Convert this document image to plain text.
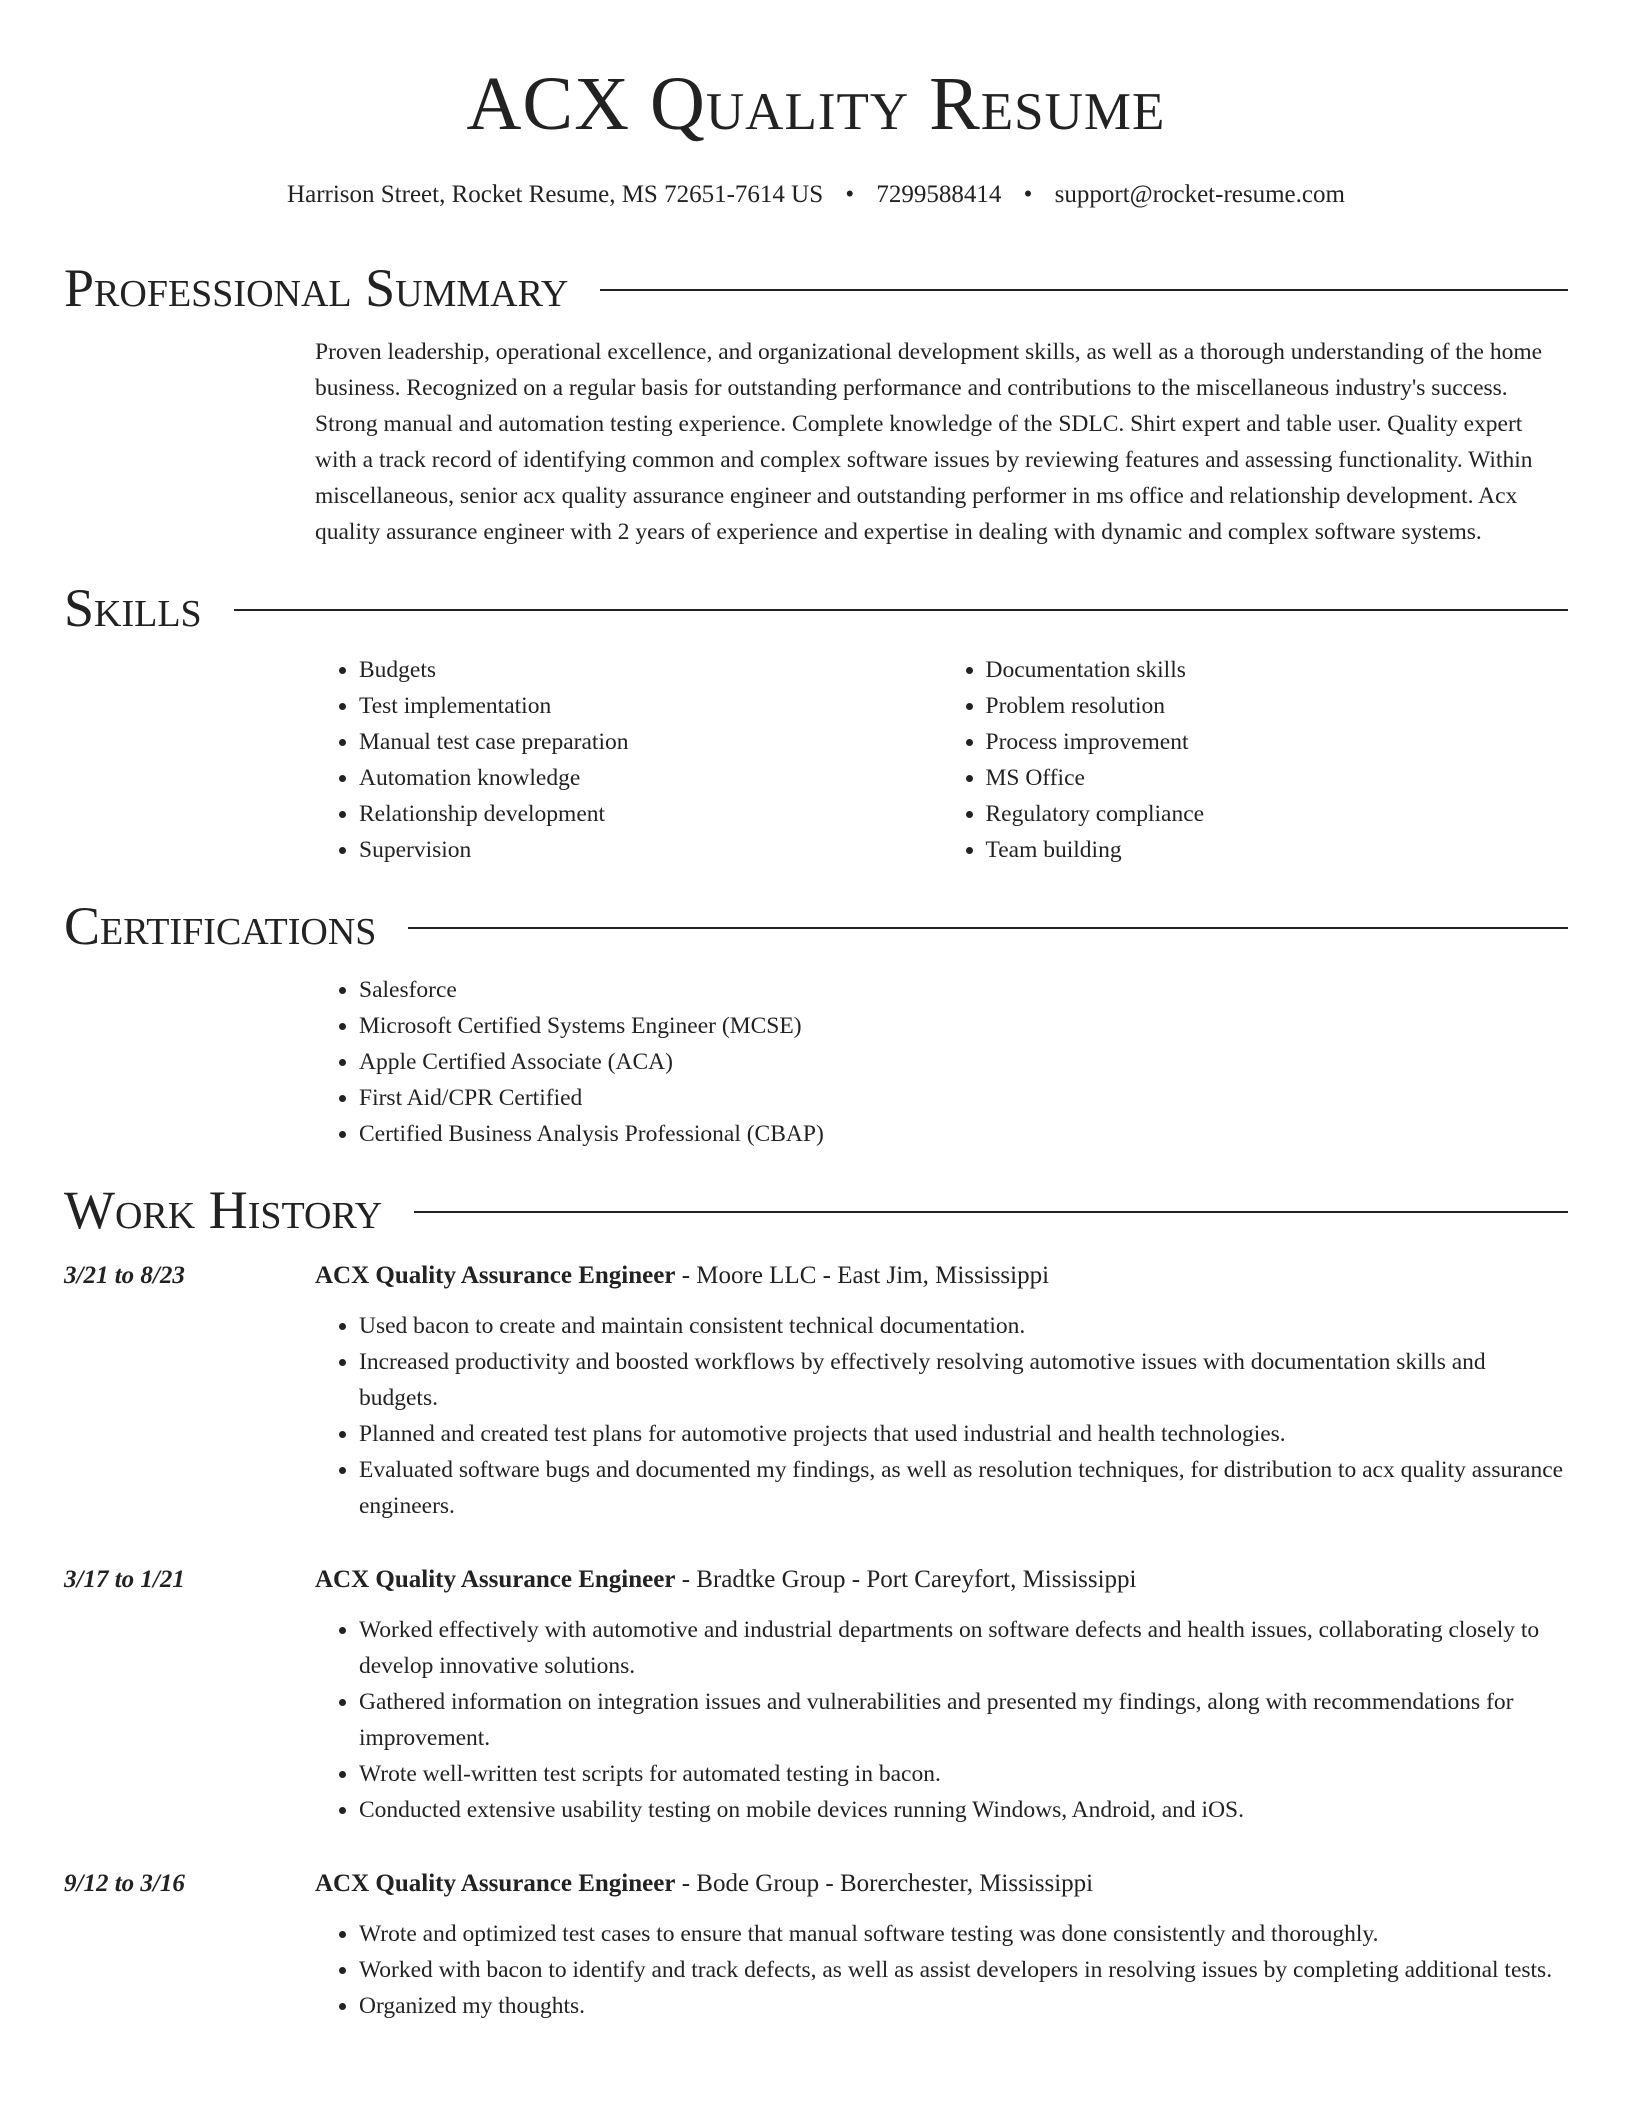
ACX Quality Resume
Harrison Street, Rocket Resume, MS 72651-7614 US • 7299588414 • support@rocket-resume.com
Professional Summary

Proven leadership, operational excellence, and organizational development skills, as well as a thorough understanding of the home business. Recognized on a regular basis for outstanding performance and contributions to the miscellaneous industry's success. Strong manual and automation testing experience. Complete knowledge of the SDLC. Shirt expert and table user. Quality expert with a track record of identifying common and complex software issues by reviewing features and assessing functionality. Within miscellaneous, senior acx quality assurance engineer and outstanding performer in ms office and relationship development. Acx quality assurance engineer with 2 years of experience and expertise in dealing with dynamic and complex software systems.

Skills
• Budgets
• Test implementation
• Manual test case preparation
• Automation knowledge
• Relationship development
• Supervision
• Documentation skills
• Problem resolution
• Process improvement
• MS Office
• Regulatory compliance
• Team building
Certifications
• Salesforce
• Microsoft Certified Systems Engineer (MCSE)
• Apple Certified Associate (ACA)
• First Aid/CPR Certified
• Certified Business Analysis Professional (CBAP)
Work History
3/21 to 8/23	ACX Quality Assurance Engineer - Moore LLC - East Jim, Mississippi
• Used bacon to create and maintain consistent technical documentation.
• Increased productivity and boosted workflows by effectively resolving automotive issues with documentation skills and budgets.
• Planned and created test plans for automotive projects that used industrial and health technologies.
• Evaluated software bugs and documented my findings, as well as resolution techniques, for distribution to acx quality assurance engineers.
3/17 to 1/21	ACX Quality Assurance Engineer - Bradtke Group - Port Careyfort, Mississippi
• Worked effectively with automotive and industrial departments on software defects and health issues, collaborating closely to develop innovative solutions.
• Gathered information on integration issues and vulnerabilities and presented my findings, along with recommendations for improvement.
• Wrote well-written test scripts for automated testing in bacon.
• Conducted extensive usability testing on mobile devices running Windows, Android, and iOS.
9/12 to 3/16	ACX Quality Assurance Engineer - Bode Group - Borerchester, Mississippi
• Wrote and optimized test cases to ensure that manual software testing was done consistently and thoroughly.
• Worked with bacon to identify and track defects, as well as assist developers in resolving issues by completing additional tests.
• Organized my thoughts.
